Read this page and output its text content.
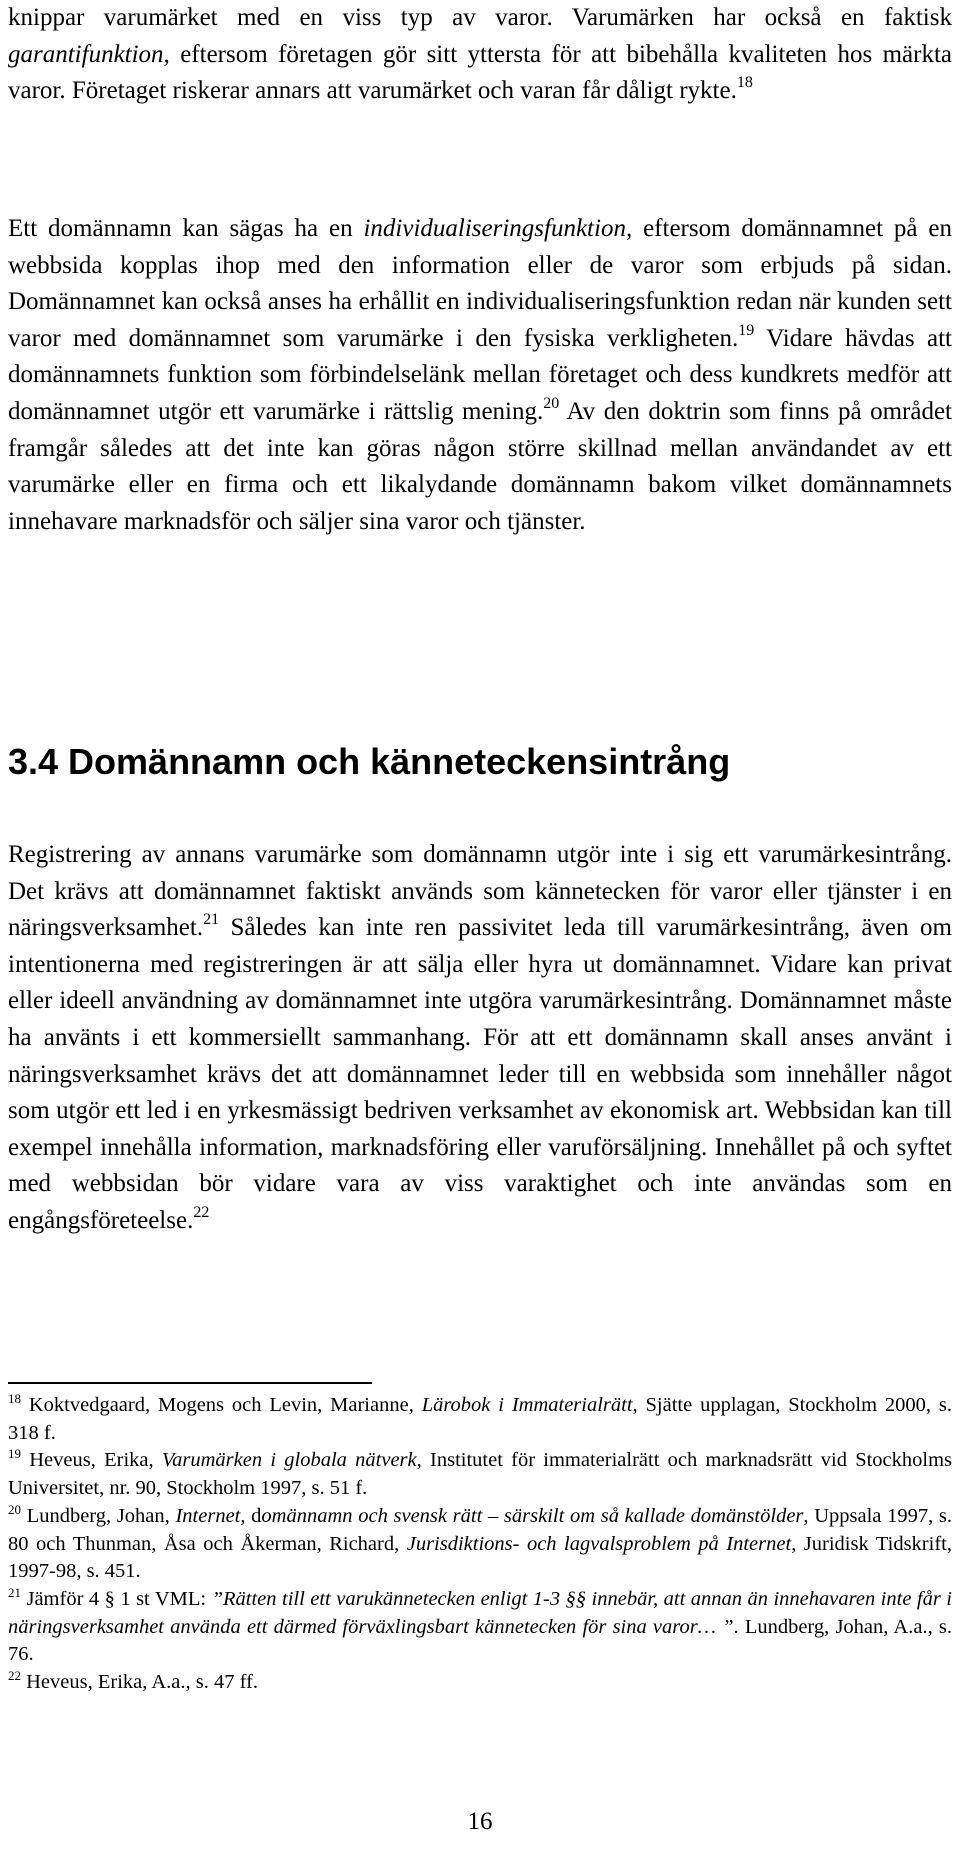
knippar varumärket med en viss typ av varor. Varumärken har också en faktisk garantifunktion, eftersom företagen gör sitt yttersta för att bibehålla kvaliteten hos märkta varor. Företaget riskerar annars att varumärket och varan får dåligt rykte.$^{18}$

Ett domännamn kan sägas ha en individualiseringsfunktion, eftersom domännamnet på en webbsida kopplas ihop med den information eller de varor som erbjuds på sidan. Domännamnet kan också anses ha erhållit en individualiseringsfunktion redan när kunden sett varor med domännamnet som varumärke i den fysiska verkligheten.$^{19}$ Vidare hävdas att domännamnets funktion som förbindelselänk mellan företaget och dess kundkrets medför att domännamnet utgör ett varumärke i rättslig mening.$^{20}$ Av den doktrin som finns på området framgår således att det inte kan göras någon större skillnad mellan användandet av ett varumärke eller en firma och ett likalydande domännamn bakom vilket domännamnets innehavare marknadsför och säljer sina varor och tjänster.

3.4 Domännamn och känneteckensintrång

Registrering av annans varumärke som domännamn utgör inte i sig ett varumärkesintrång. Det krävs att domännamnet faktiskt används som kännetecken för varor eller tjänster i en näringsverksamhet.$^{21}$ Således kan inte ren passivitet leda till varumärkesintrång, även om intentionerna med registreringen är att sälja eller hyra ut domännamnet. Vidare kan privat eller ideell användning av domännamnet inte utgöra varumärkesintrång. Domännamnet måste ha använts i ett kommersiellt sammanhang. För att ett domännamn skall anses använt i näringsverksamhet krävs det att domännamnet leder till en webbsida som innehåller något som utgör ett led i en yrkesmässigt bedriven verksamhet av ekonomisk art. Webbsidan kan till exempel innehålla information, marknadsföring eller varuförsäljning. Innehållet på och syftet med webbsidan bör vidare vara av viss varaktighet och inte användas som en engångsföreteelse.$^{22}$

$^{18}$ Koktvedgaard, Mogens och Levin, Marianne, Lärobok i Immaterialrätt, Sjätte upplagan, Stockholm 2000, s. 318 f.

$^{19}$ Heveus, Erika, Varumärken i globala nätverk, Institutet för immaterialrätt och marknadsrätt vid Stockholms Universitet, nr. 90, Stockholm 1997, s. 51 f.

$^{20}$ Lundberg, Johan, Internet, domännamn och svensk rätt – särskilt om så kallade domänstölder, Uppsala 1997, s. 80 och Thunman, Åsa och Åkerman, Richard, Jurisdiktions- och lagvalsproblem på Internet, Juridisk Tidskrift, 1997-98, s. 451.

$^{21}$ Jämför 4 § 1 st VML: ”Rätten till ett varukännetecken enligt 1-3 §§ innebär, att annan än innehavaren inte får i näringsverksamhet använda ett därmed förväxlingsbart kännetecken för sina varor… ”. Lundberg, Johan, A.a., s. 76.

$^{22}$ Heveus, Erika, A.a., s. 47 ff.

16
